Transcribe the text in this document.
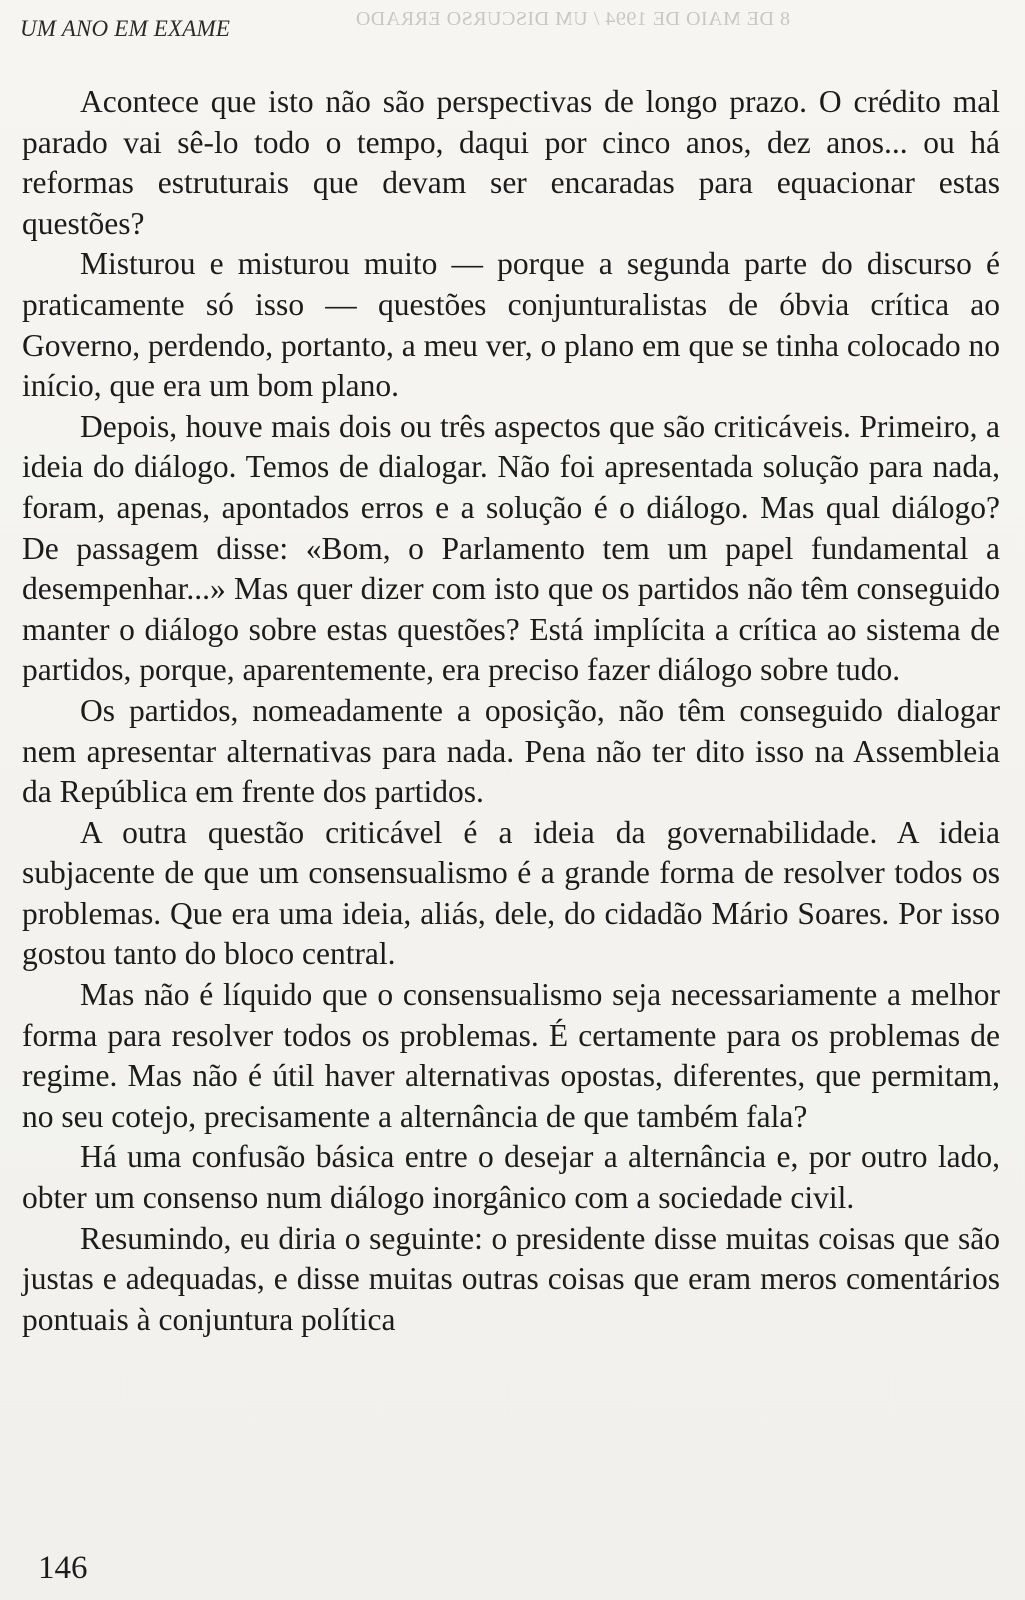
8 DE MAIO DE 1994 / UM DISCURSO ERRADO
UM ANO EM EXAME

Acontece que isto não são perspectivas de longo prazo. O crédito mal parado vai sê-lo todo o tempo, daqui por cinco anos, dez anos... ou há reformas estruturais que devam ser encaradas para equacionar estas questões?

Misturou e misturou muito — porque a segunda parte do discurso é praticamente só isso — questões conjunturalistas de óbvia crítica ao Governo, perdendo, portanto, a meu ver, o plano em que se tinha colocado no início, que era um bom plano.

Depois, houve mais dois ou três aspectos que são criticáveis. Primeiro, a ideia do diálogo. Temos de dialogar. Não foi apresentada solução para nada, foram, apenas, apontados erros e a solução é o diálogo. Mas qual diálogo? De passagem disse: «Bom, o Parlamento tem um papel fundamental a desempenhar...» Mas quer dizer com isto que os partidos não têm conseguido manter o diálogo sobre estas questões? Está implícita a crítica ao sistema de partidos, porque, aparentemente, era preciso fazer diálogo sobre tudo.

Os partidos, nomeadamente a oposição, não têm conseguido dialogar nem apresentar alternativas para nada. Pena não ter dito isso na Assembleia da República em frente dos partidos.

A outra questão criticável é a ideia da governabilidade. A ideia subjacente de que um consensualismo é a grande forma de resolver todos os problemas. Que era uma ideia, aliás, dele, do cidadão Mário Soares. Por isso gostou tanto do bloco central.

Mas não é líquido que o consensualismo seja necessariamente a melhor forma para resolver todos os problemas. É certamente para os problemas de regime. Mas não é útil haver alternativas opostas, diferentes, que permitam, no seu cotejo, precisamente a alternância de que também fala?

Há uma confusão básica entre o desejar a alternância e, por outro lado, obter um consenso num diálogo inorgânico com a sociedade civil.

Resumindo, eu diria o seguinte: o presidente disse muitas coisas que são justas e adequadas, e disse muitas outras coisas que eram meros comentários pontuais à conjuntura política

146
